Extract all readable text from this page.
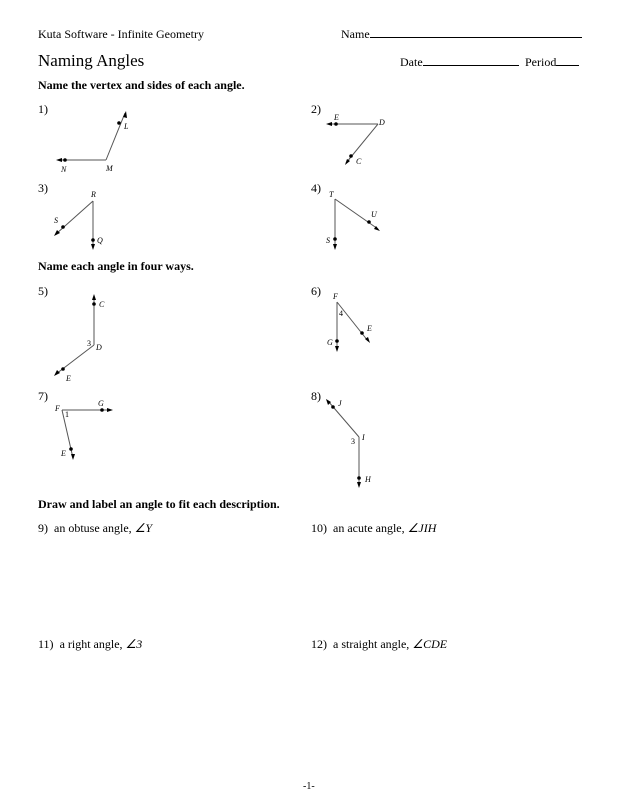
Kuta Software - Infinite Geometry	Name
Naming Angles	Date	Period
Name the vertex and sides of each angle.
1)
N	M
L
2)
E
D
C
3)
S
R
Q
4) T
S
U
Name each angle in four ways.
5)
C
D
E
3
6) F
G
E
4
7)
F
G
E
1
8)
J
I
H
3
Draw and label an angle to fit each description.
9) an obtuse angle, ∠Y	10) an acute angle, ∠JIH
11) a right angle, ∠3	12) a straight angle, ∠CDE
-1-
